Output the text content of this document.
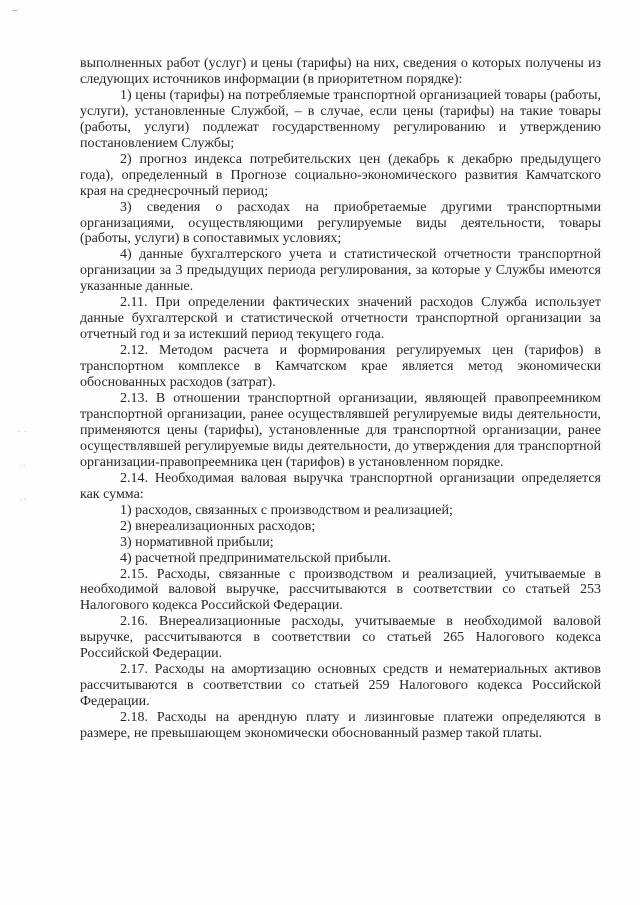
· ·
··
··

выполненных работ (услуг) и цены (тарифы) на них, сведения о которых получены из следующих источников информации (в приоритетном порядке):

1) цены (тарифы) на потребляемые транспортной организацией товары (работы, услуги), установленные Службой, – в случае, если цены (тарифы) на такие товары (работы, услуги) подлежат государственному регулированию и утверждению постановлением Службы;

2) прогноз индекса потребительских цен (декабрь к декабрю предыдущего года), определенный в Прогнозе социально-экономического развития Камчатского края на среднесрочный период;

3) сведения о расходах на приобретаемые другими транспортными организациями, осуществляющими регулируемые виды деятельности, товары (работы, услуги) в сопоставимых условиях;

4) данные бухгалтерского учета и статистической отчетности транспортной организации за 3 предыдущих периода регулирования, за которые у Службы имеются указанные данные.

2.11. При определении фактических значений расходов Служба использует данные бухгалтерской и статистической отчетности транспортной организации за отчетный год и за истекший период текущего года.

2.12. Методом расчета и формирования регулируемых цен (тарифов) в транспортном комплексе в Камчатском крае является метод экономически обоснованных расходов (затрат).

2.13. В отношении транспортной организации, являющей правопреемником транспортной организации, ранее осуществлявшей регулируемые виды деятельности, применяются цены (тарифы), установленные для транспортной организации, ранее осуществлявшей регулируемые виды деятельности, до утверждения для транспортной организации-правопреемника цен (тарифов) в установленном порядке.

2.14. Необходимая валовая выручка транспортной организации определяется как сумма:

1) расходов, связанных с производством и реализацией;

2) внереализационных расходов;

3) нормативной прибыли;

4) расчетной предпринимательской прибыли.

2.15. Расходы, связанные с производством и реализацией, учитываемые в необходимой валовой выручке, рассчитываются в соответствии со статьей 253 Налогового кодекса Российской Федерации.

2.16. Внереализационные расходы, учитываемые в необходимой валовой выручке, рассчитываются в соответствии со статьей 265 Налогового кодекса Российской Федерации.

2.17. Расходы на амортизацию основных средств и нематериальных активов рассчитываются в соответствии со статьей 259 Налогового кодекса Российской Федерации.

2.18. Расходы на арендную плату и лизинговые платежи определяются в размере, не превышающем экономически обоснованный размер такой платы.
